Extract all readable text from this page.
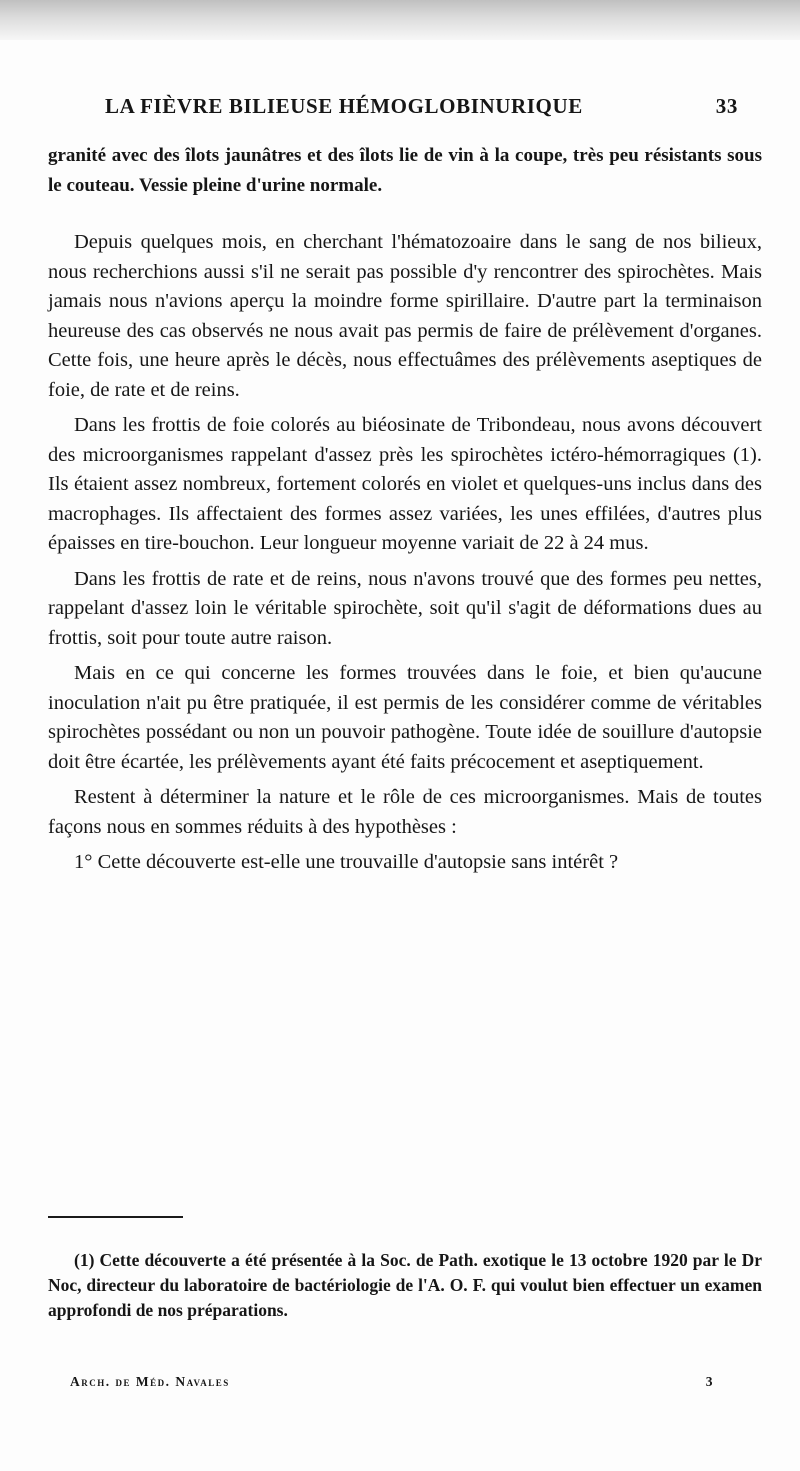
LA FIÈVRE BILIEUSE HÉMOGLOBINURIQUE	33

granité avec des îlots jaunâtres et des îlots lie de vin à la coupe, très peu résistants sous le couteau. Vessie pleine d'urine normale.

Depuis quelques mois, en cherchant l'hématozoaire dans le sang de nos bilieux, nous recherchions aussi s'il ne serait pas possible d'y rencontrer des spirochètes. Mais jamais nous n'avions aperçu la moindre forme spirillaire. D'autre part la terminaison heureuse des cas observés ne nous avait pas permis de faire de prélèvement d'organes. Cette fois, une heure après le décès, nous effectuâmes des prélèvements aseptiques de foie, de rate et de reins.

Dans les frottis de foie colorés au biéosinate de Tribondeau, nous avons découvert des microorganismes rappelant d'assez près les spirochètes ictéro-hémorragiques (1). Ils étaient assez nombreux, fortement colorés en violet et quelques-uns inclus dans des macrophages. Ils affectaient des formes assez variées, les unes effilées, d'autres plus épaisses en tire-bouchon. Leur longueur moyenne variait de 22 à 24 mus.

Dans les frottis de rate et de reins, nous n'avons trouvé que des formes peu nettes, rappelant d'assez loin le véritable spirochète, soit qu'il s'agit de déformations dues au frottis, soit pour toute autre raison.

Mais en ce qui concerne les formes trouvées dans le foie, et bien qu'aucune inoculation n'ait pu être pratiquée, il est permis de les considérer comme de véritables spirochètes possédant ou non un pouvoir pathogène. Toute idée de souillure d'autopsie doit être écartée, les prélèvements ayant été faits précocement et aseptiquement.

Restent à déterminer la nature et le rôle de ces microorganismes. Mais de toutes façons nous en sommes réduits à des hypothèses :

1° Cette découverte est-elle une trouvaille d'autopsie sans intérêt ?

(1) Cette découverte a été présentée à la Soc. de Path. exotique le 13 octobre 1920 par le Dr Noc, directeur du laboratoire de bactériologie de l'A. O. F. qui voulut bien effectuer un examen approfondi de nos préparations.

Arch. de Méd. Navales	3
